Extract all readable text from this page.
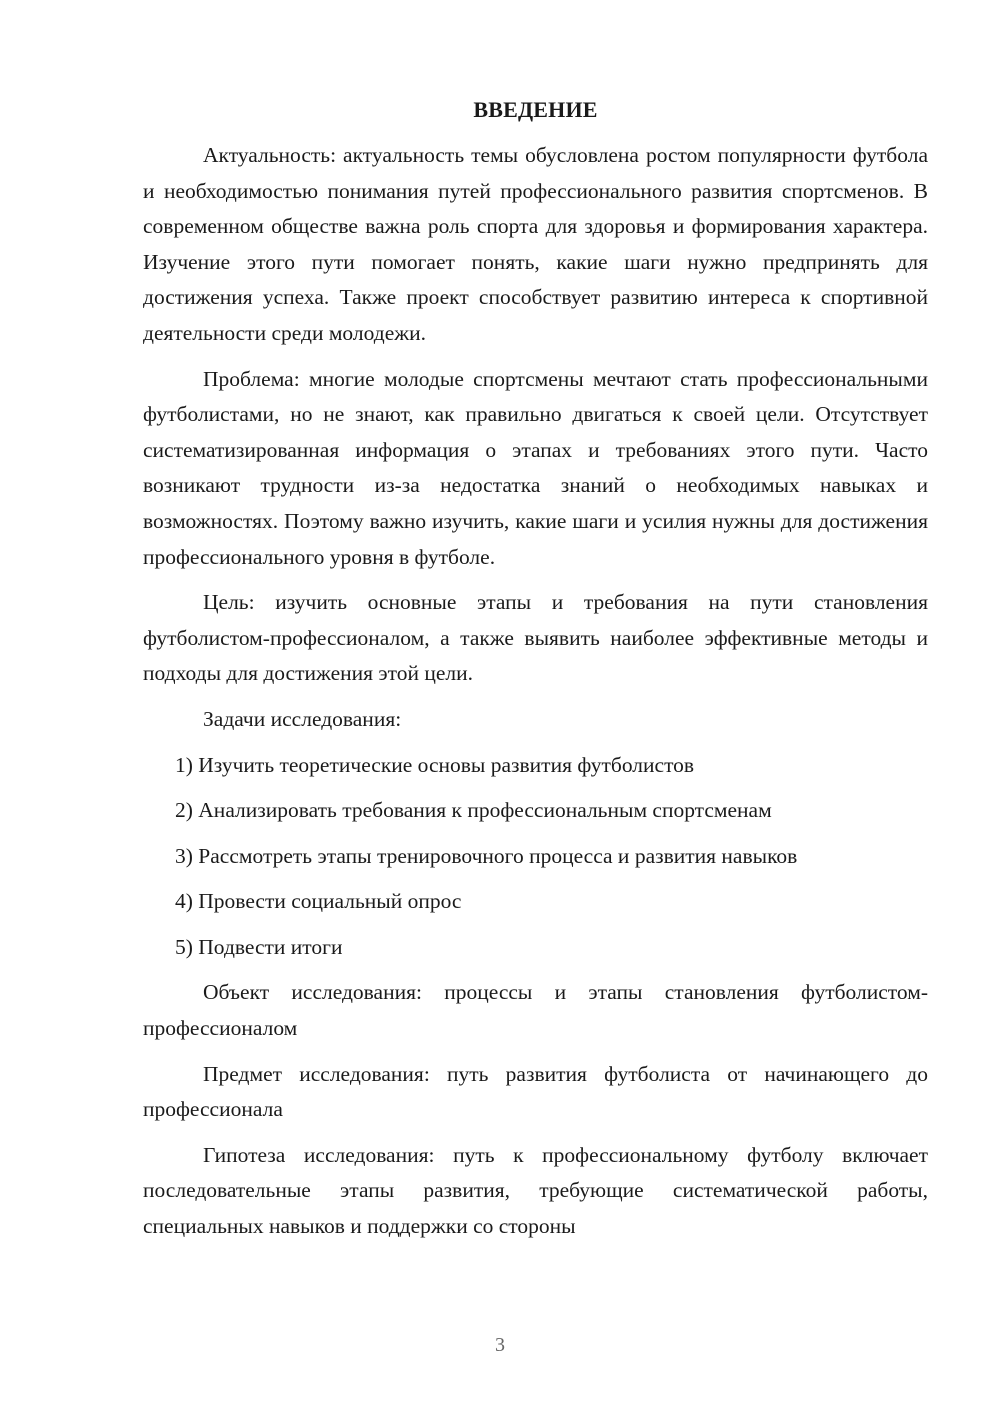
ВВЕДЕНИЕ

Актуальность: актуальность темы обусловлена ростом популярности футбола и необходимостью понимания путей профессионального развития спортсменов. В современном обществе важна роль спорта для здоровья и формирования характера. Изучение этого пути помогает понять, какие шаги нужно предпринять для достижения успеха. Также проект способствует развитию интереса к спортивной деятельности среди молодежи.

Проблема: многие молодые спортсмены мечтают стать профессиональными футболистами, но не знают, как правильно двигаться к своей цели. Отсутствует систематизированная информация о этапах и требованиях этого пути. Часто возникают трудности из-за недостатка знаний о необходимых навыках и возможностях. Поэтому важно изучить, какие шаги и усилия нужны для достижения профессионального уровня в футболе.

Цель: изучить основные этапы и требования на пути становления футболистом-профессионалом, а также выявить наиболее эффективные методы и подходы для достижения этой цели.

Задачи исследования:

1) Изучить теоретические основы развития футболистов
2) Анализировать требования к профессиональным спортсменам
3) Рассмотреть этапы тренировочного процесса и развития навыков
4) Провести социальный опрос
5) Подвести итоги

Объект исследования: процессы и этапы становления футболистом-профессионалом

Предмет исследования: путь развития футболиста от начинающего до профессионала

Гипотеза исследования: путь к профессиональному футболу включает последовательные этапы развития, требующие систематической работы, специальных навыков и поддержки со стороны

3
